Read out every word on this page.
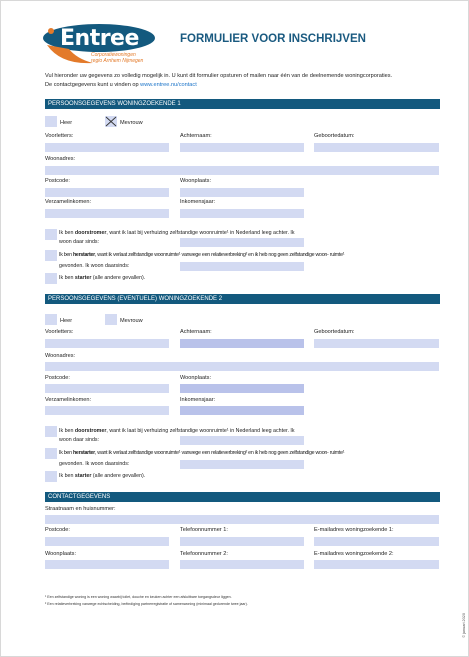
Entree
Corporatiewoningen
regio Arnhem Nijmegen
FORMULIER VOOR INSCHRIJVEN
Vul hieronder uw gegevens zo volledig mogelijk in. U kunt dit formulier opsturen of mailen naar één van de deelnemende woningcorporaties.
De contactgegevens kunt u vinden op www.entree.nu/contact
PERSOONSGEGEVENS WONINGZOEKENDE 1
Heer	Mevrouw
Voorletters:	Achternaam:	Geboortedatum:
Woonadres:
Postcode:	Woonplaats:
Verzamelinkomen:	Inkomensjaar:
Ik ben doorstromer, want ik laat bij verhuizing zelfstandige woonruimte¹ in Nederland leeg achter. Ik
woon daar sinds:
Ik ben herstarter, want ik verlaat zelfstandige woonruimte¹ vanwege een relatieverbreking² en ik heb nog geen zelfstandige woon- ruimte¹
gevonden. Ik woon daarsinds:
Ik ben starter (alle andere gevallen).
PERSOONSGEGEVENS (EVENTUELE) WONINGZOEKENDE 2
Heer	Mevrouw
Voorletters:	Achternaam:	Geboortedatum:
Woonadres:
Postcode:	Woonplaats:
Verzamelinkomen:	Inkomensjaar:
Ik ben doorstromer, want ik laat bij verhuizing zelfstandige woonruimte¹ in Nederland leeg achter. Ik
woon daar sinds:
Ik ben herstarter, want ik verlaat zelfstandige woonruimte¹ vanwege een relatieverbreking² en ik heb nog geen zelfstandige woon- ruimte¹
gevonden. Ik woon daarsinds:
Ik ben starter (alle andere gevallen).
CONTACTGEGEVENS
Straatnaam en huisnummer:
Postcode:	Telefoonnummer 1:	E-mailadres woningzoekende 1:
Woonplaats:	Telefoonnummer 2:	E-mailadres woningzoekende 2:
¹ Een zelfstandige woning is een woning waarbij toilet, douche en keuken achter een afsluitbare toegangsdeur liggen.
² Een relatieverbreking vanwege echtscheiding, beëindiging partnerregistratie of samenwoning (minimaal gedurende twee jaar).
© januari 2020
